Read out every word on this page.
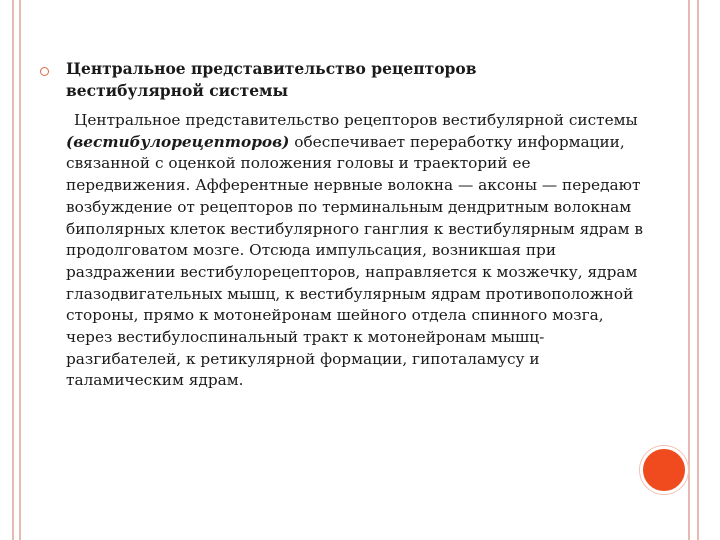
Центральное представительство рецепторов вестибулярной системы

Центральное представительство рецепторов вестибулярной системы (вестибулорецепторов) обеспечивает переработку информации, связанной с оценкой положения головы и траекторий ее передвижения. Афферентные нервные волокна — аксоны — передают возбуждение от рецепторов по терминальным дендритным волокнам биполярных клеток вестибулярного ганглия к вестибулярным ядрам в продолговатом мозге. Отсюда импульсация, возникшая при раздражении вестибулорецепторов, направляется к мозжечку, ядрам глазодвигательных мышц, к вестибулярным ядрам противоположной стороны, прямо к мотонейронам шейного отдела спинного мозга, через вестибулоспинальный тракт к мотонейронам мышц-разгибателей, к ретикулярной формации, гипоталамусу и таламическим ядрам.
